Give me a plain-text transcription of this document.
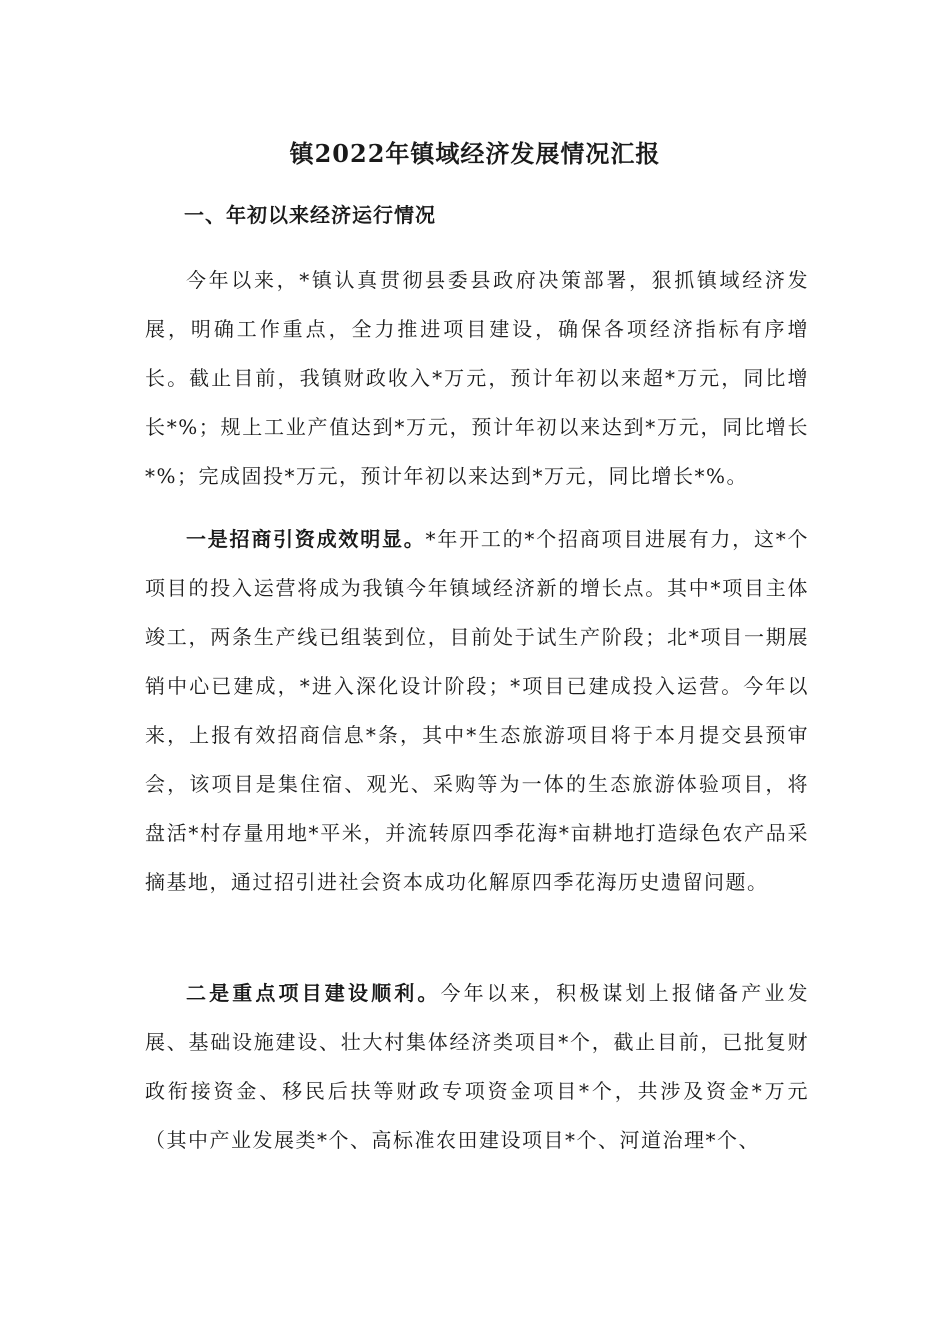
镇2022年镇域经济发展情况汇报
一、年初以来经济运行情况

今年以来，*镇认真贯彻县委县政府决策部署，狠抓镇域经济发展，明确工作重点，全力推进项目建设，确保各项经济指标有序增长。截止目前，我镇财政收入*万元，预计年初以来超*万元，同比增长*%；规上工业产值达到*万元，预计年初以来达到*万元，同比增长*%；完成固投*万元，预计年初以来达到*万元，同比增长*%。

一是招商引资成效明显。*年开工的*个招商项目进展有力，这*个项目的投入运营将成为我镇今年镇域经济新的增长点。其中*项目主体竣工，两条生产线已组装到位，目前处于试生产阶段；北*项目一期展销中心已建成，*进入深化设计阶段；*项目已建成投入运营。今年以来，上报有效招商信息*条，其中*生态旅游项目将于本月提交县预审会，该项目是集住宿、观光、采购等为一体的生态旅游体验项目，将盘活*村存量用地*平米，并流转原四季花海*亩耕地打造绿色农产品采摘基地，通过招引进社会资本成功化解原四季花海历史遗留问题。

二是重点项目建设顺利。今年以来，积极谋划上报储备产业发展、基础设施建设、壮大村集体经济类项目*个，截止目前，已批复财政衔接资金、移民后扶等财政专项资金项目*个，共涉及资金*万元（其中产业发展类*个、高标准农田建设项目*个、河道治理*个、
